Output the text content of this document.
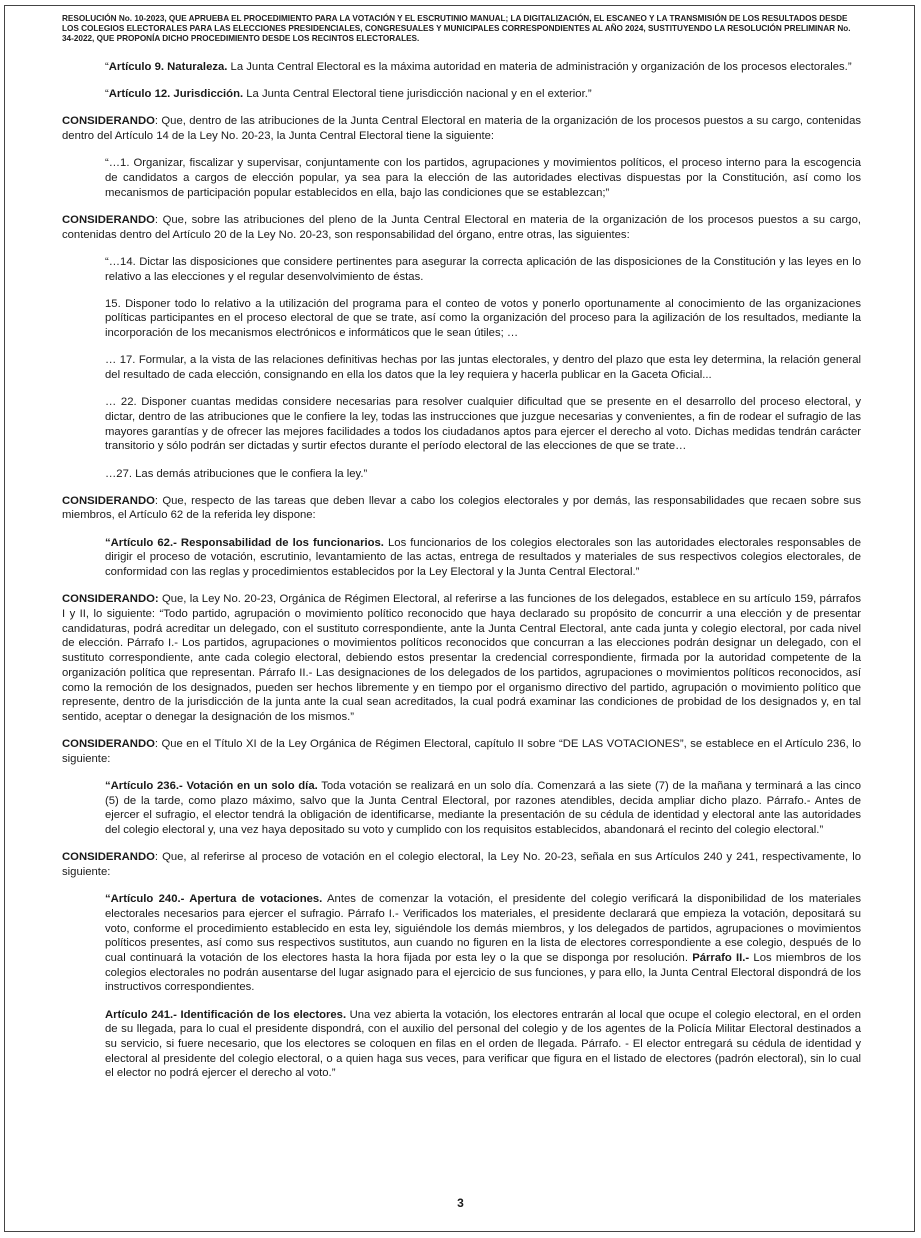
RESOLUCIÓN No. 10-2023, QUE APRUEBA EL PROCEDIMIENTO PARA LA VOTACIÓN Y EL ESCRUTINIO MANUAL; LA DIGITALIZACIÓN, EL ESCANEO Y LA TRANSMISIÓN DE LOS RESULTADOS DESDE LOS COLEGIOS ELECTORALES PARA LAS ELECCIONES PRESIDENCIALES, CONGRESUALES Y MUNICIPALES CORRESPONDIENTES AL AÑO 2024, SUSTITUYENDO LA RESOLUCIÓN PRELIMINAR No. 34-2022, QUE PROPONÍA DICHO PROCEDIMIENTO DESDE LOS RECINTOS ELECTORALES.

“Artículo 9. Naturaleza. La Junta Central Electoral es la máxima autoridad en materia de administración y organización de los procesos electorales.”

“Artículo 12. Jurisdicción. La Junta Central Electoral tiene jurisdicción nacional y en el exterior.”

CONSIDERANDO: Que, dentro de las atribuciones de la Junta Central Electoral en materia de la organización de los procesos puestos a su cargo, contenidas dentro del Artículo 14 de la Ley No. 20-23, la Junta Central Electoral tiene la siguiente:

“…1. Organizar, fiscalizar y supervisar, conjuntamente con los partidos, agrupaciones y movimientos políticos, el proceso interno para la escogencia de candidatos a cargos de elección popular, ya sea para la elección de las autoridades electivas dispuestas por la Constitución, así como los mecanismos de participación popular establecidos en ella, bajo las condiciones que se establezcan;”

CONSIDERANDO: Que, sobre las atribuciones del pleno de la Junta Central Electoral en materia de la organización de los procesos puestos a su cargo, contenidas dentro del Artículo 20 de la Ley No. 20-23, son responsabilidad del órgano, entre otras, las siguientes:

“…14. Dictar las disposiciones que considere pertinentes para asegurar la correcta aplicación de las disposiciones de la Constitución y las leyes en lo relativo a las elecciones y el regular desenvolvimiento de éstas.

15. Disponer todo lo relativo a la utilización del programa para el conteo de votos y ponerlo oportunamente al conocimiento de las organizaciones políticas participantes en el proceso electoral de que se trate, así como la organización del proceso para la agilización de los resultados, mediante la incorporación de los mecanismos electrónicos e informáticos que le sean útiles; …

… 17. Formular, a la vista de las relaciones definitivas hechas por las juntas electorales, y dentro del plazo que esta ley determina, la relación general del resultado de cada elección, consignando en ella los datos que la ley requiera y hacerla publicar en la Gaceta Oficial...

… 22. Disponer cuantas medidas considere necesarias para resolver cualquier dificultad que se presente en el desarrollo del proceso electoral, y dictar, dentro de las atribuciones que le confiere la ley, todas las instrucciones que juzgue necesarias y convenientes, a fin de rodear el sufragio de las mayores garantías y de ofrecer las mejores facilidades a todos los ciudadanos aptos para ejercer el derecho al voto. Dichas medidas tendrán carácter transitorio y sólo podrán ser dictadas y surtir efectos durante el período electoral de las elecciones de que se trate…

…27. Las demás atribuciones que le confiera la ley.”

CONSIDERANDO: Que, respecto de las tareas que deben llevar a cabo los colegios electorales y por demás, las responsabilidades que recaen sobre sus miembros, el Artículo 62 de la referida ley dispone:

“Artículo 62.- Responsabilidad de los funcionarios. Los funcionarios de los colegios electorales son las autoridades electorales responsables de dirigir el proceso de votación, escrutinio, levantamiento de las actas, entrega de resultados y materiales de sus respectivos colegios electorales, de conformidad con las reglas y procedimientos establecidos por la Ley Electoral y la Junta Central Electoral.”

CONSIDERANDO: Que, la Ley No. 20-23, Orgánica de Régimen Electoral, al referirse a las funciones de los delegados, establece en su artículo 159, párrafos I y II, lo siguiente: “Todo partido, agrupación o movimiento político reconocido que haya declarado su propósito de concurrir a una elección y de presentar candidaturas, podrá acreditar un delegado, con el sustituto correspondiente, ante la Junta Central Electoral, ante cada junta y colegio electoral, por cada nivel de elección. Párrafo I.- Los partidos, agrupaciones o movimientos políticos reconocidos que concurran a las elecciones podrán designar un delegado, con el sustituto correspondiente, ante cada colegio electoral, debiendo estos presentar la credencial correspondiente, firmada por la autoridad competente de la organización política que representan. Párrafo II.- Las designaciones de los delegados de los partidos, agrupaciones o movimientos políticos reconocidos, así como la remoción de los designados, pueden ser hechos libremente y en tiempo por el organismo directivo del partido, agrupación o movimiento político que represente, dentro de la jurisdicción de la junta ante la cual sean acreditados, la cual podrá examinar las condiciones de probidad de los designados y, en tal sentido, aceptar o denegar la designación de los mismos.”

CONSIDERANDO: Que en el Título XI de la Ley Orgánica de Régimen Electoral, capítulo II sobre “DE LAS VOTACIONES”, se establece en el Artículo 236, lo siguiente:

“Artículo 236.- Votación en un solo día. Toda votación se realizará en un solo día. Comenzará a las siete (7) de la mañana y terminará a las cinco (5) de la tarde, como plazo máximo, salvo que la Junta Central Electoral, por razones atendibles, decida ampliar dicho plazo. Párrafo.- Antes de ejercer el sufragio, el elector tendrá la obligación de identificarse, mediante la presentación de su cédula de identidad y electoral ante las autoridades del colegio electoral y, una vez haya depositado su voto y cumplido con los requisitos establecidos, abandonará el recinto del colegio electoral.”

CONSIDERANDO: Que, al referirse al proceso de votación en el colegio electoral, la Ley No. 20-23, señala en sus Artículos 240 y 241, respectivamente, lo siguiente:

“Artículo 240.- Apertura de votaciones. Antes de comenzar la votación, el presidente del colegio verificará la disponibilidad de los materiales electorales necesarios para ejercer el sufragio. Párrafo I.- Verificados los materiales, el presidente declarará que empieza la votación, depositará su voto, conforme el procedimiento establecido en esta ley, siguiéndole los demás miembros, y los delegados de partidos, agrupaciones o movimientos políticos presentes, así como sus respectivos sustitutos, aun cuando no figuren en la lista de electores correspondiente a ese colegio, después de lo cual continuará la votación de los electores hasta la hora fijada por esta ley o la que se disponga por resolución. Párrafo II.- Los miembros de los colegios electorales no podrán ausentarse del lugar asignado para el ejercicio de sus funciones, y para ello, la Junta Central Electoral dispondrá de los instructivos correspondientes.

Artículo 241.- Identificación de los electores. Una vez abierta la votación, los electores entrarán al local que ocupe el colegio electoral, en el orden de su llegada, para lo cual el presidente dispondrá, con el auxilio del personal del colegio y de los agentes de la Policía Militar Electoral destinados a su servicio, si fuere necesario, que los electores se coloquen en filas en el orden de llegada. Párrafo. - El elector entregará su cédula de identidad y electoral al presidente del colegio electoral, o a quien haga sus veces, para verificar que figura en el listado de electores (padrón electoral), sin lo cual el elector no podrá ejercer el derecho al voto.”

3
